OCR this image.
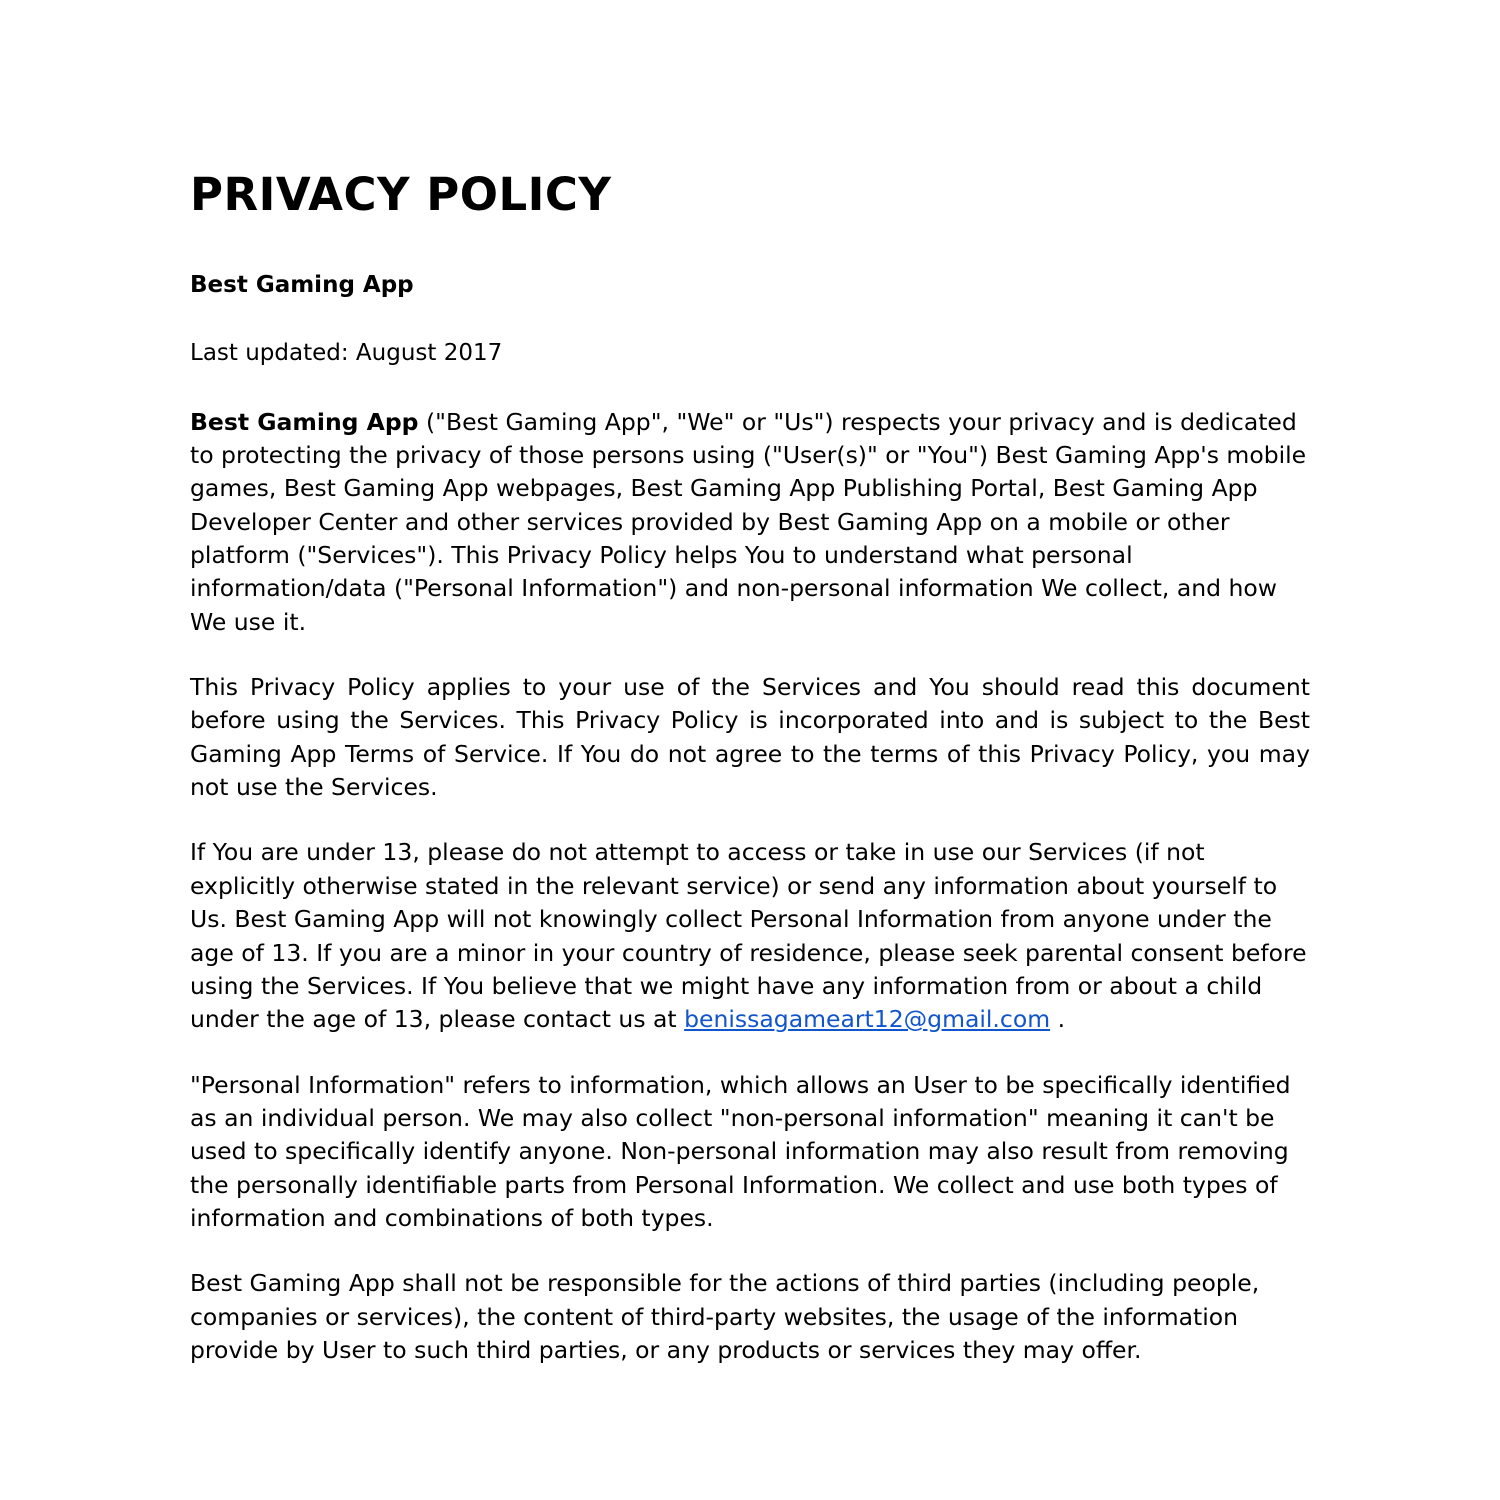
PRIVACY POLICY

Best Gaming App

Last updated: August 2017

Best Gaming App ("Best Gaming App", "We" or "Us") respects your privacy and is dedicated to protecting the privacy of those persons using ("User(s)" or "You") Best Gaming App's mobile games, Best Gaming App webpages, Best Gaming App Publishing Portal, Best Gaming App Developer Center and other services provided by Best Gaming App on a mobile or other platform ("Services"). This Privacy Policy helps You to understand what personal information/data ("Personal Information") and non-personal information We collect, and how We use it.

This Privacy Policy applies to your use of the Services and You should read this document before using the Services. This Privacy Policy is incorporated into and is subject to the Best Gaming App Terms of Service. If You do not agree to the terms of this Privacy Policy, you may not use the Services.

If You are under 13, please do not attempt to access or take in use our Services (if not explicitly otherwise stated in the relevant service) or send any information about yourself to Us. Best Gaming App will not knowingly collect Personal Information from anyone under the age of 13. If you are a minor in your country of residence, please seek parental consent before using the Services. If You believe that we might have any information from or about a child under the age of 13, please contact us at benissagameart12@gmail.com .

"Personal Information" refers to information, which allows an User to be specifically identified as an individual person. We may also collect "non-personal information" meaning it can't be used to specifically identify anyone. Non-personal information may also result from removing the personally identifiable parts from Personal Information. We collect and use both types of information and combinations of both types.

Best Gaming App shall not be responsible for the actions of third parties (including people, companies or services), the content of third-party websites, the usage of the information provide by User to such third parties, or any products or services they may offer.
